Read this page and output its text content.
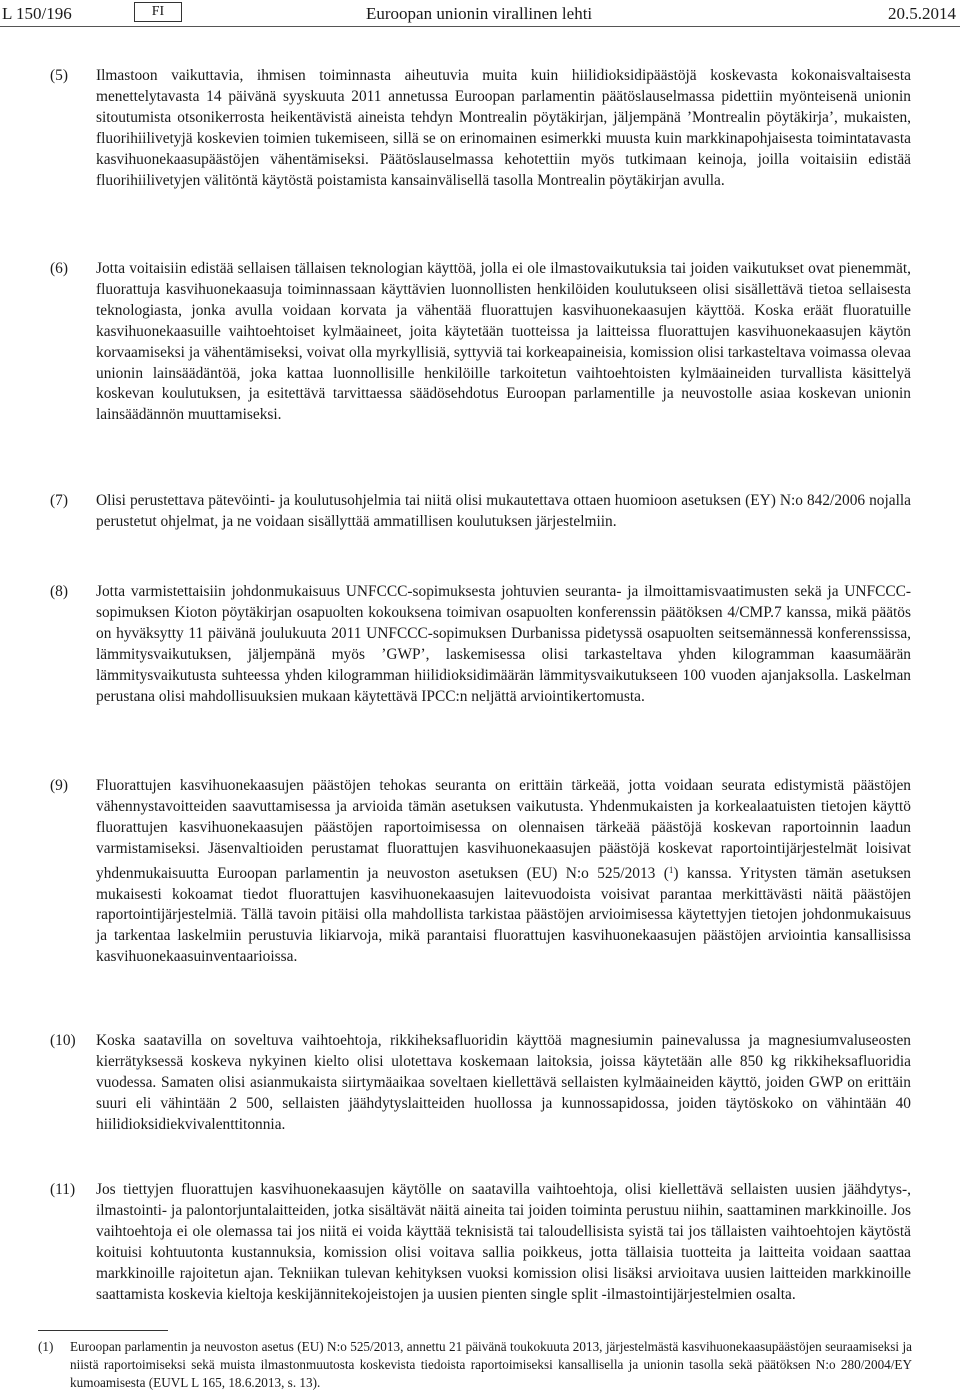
L 150/196	FI	Euroopan unionin virallinen lehti	20.5.2014
(5) Ilmastoon vaikuttavia, ihmisen toiminnasta aiheutuvia muita kuin hiilidioksidipäästöjä koskevasta kokonaisvaltaisesta menettelytavasta 14 päivänä syyskuuta 2011 annetussa Euroopan parlamentin päätöslauselmassa pidettiin myönteisenä unionin sitoutumista otsonikerrosta heikentävistä aineista tehdyn Montrealin pöytäkirjan, jäljempänä ’Montrealin pöytäkirja’, mukaisten, fluorihiilivetyjä koskevien toimien tukemiseen, sillä se on erinomainen esimerkki muusta kuin markkinapohjaisesta toimintatavasta kasvihuonekaasupäästöjen vähentämiseksi. Päätöslauselmassa kehotettiin myös tutkimaan keinoja, joilla voitaisiin edistää fluorihiilivetyjen välitöntä käytöstä poistamista kansainvälisellä tasolla Montrealin pöytäkirjan avulla.
(6) Jotta voitaisiin edistää sellaisen tällaisen teknologian käyttöä, jolla ei ole ilmastovaikutuksia tai joiden vaikutukset ovat pienemmät, fluorattuja kasvihuonekaasuja toiminnassaan käyttävien luonnollisten henkilöiden koulutukseen olisi sisällettävä tietoa sellaisesta teknologiasta, jonka avulla voidaan korvata ja vähentää fluorattujen kasvihuonekaasujen käyttöä. Koska eräät fluoratuille kasvihuonekaasuille vaihtoehtoiset kylmäaineet, joita käytetään tuotteissa ja laitteissa fluorattujen kasvihuonekaasujen käytön korvaamiseksi ja vähentämiseksi, voivat olla myrkyllisiä, syttyviä tai korkeapaineisia, komission olisi tarkasteltava voimassa olevaa unionin lainsäädäntöä, joka kattaa luonnollisille henkilöille tarkoitetun vaihtoehtoisten kylmäaineiden turvallista käsittelyä koskevan koulutuksen, ja esitettävä tarvittaessa säädösehdotus Euroopan parlamentille ja neuvostolle asiaa koskevan unionin lainsäädännön muuttamiseksi.
(7) Olisi perustettava pätevöinti- ja koulutusohjelmia tai niitä olisi mukautettava ottaen huomioon asetuksen (EY) N:o 842/2006 nojalla perustetut ohjelmat, ja ne voidaan sisällyttää ammatillisen koulutuksen järjestelmiin.
(8) Jotta varmistettaisiin johdonmukaisuus UNFCCC-sopimuksesta johtuvien seuranta- ja ilmoittamisvaatimusten sekä ja UNFCCC-sopimuksen Kioton pöytäkirjan osapuolten kokouksena toimivan osapuolten konferenssin päätöksen 4/CMP.7 kanssa, mikä päätös on hyväksytty 11 päivänä joulukuuta 2011 UNFCCC-sopimuksen Durbanissa pidetyssä osapuolten seitsemännessä konferenssissa, lämmitysvaikutuksen, jäljempänä myös ’GWP’, laskemisessa olisi tarkasteltava yhden kilogramman kaasumäärän lämmitysvaikutusta suhteessa yhden kilogramman hiilidioksidimäärän lämmitysvaikutukseen 100 vuoden ajanjaksolla. Laskelman perustana olisi mahdollisuuksien mukaan käytettävä IPCC:n neljättä arviointikertomusta.
(9) Fluorattujen kasvihuonekaasujen päästöjen tehokas seuranta on erittäin tärkeää, jotta voidaan seurata edistymistä päästöjen vähennystavoitteiden saavuttamisessa ja arvioida tämän asetuksen vaikutusta. Yhdenmukaisten ja korkealaatuisten tietojen käyttö fluorattujen kasvihuonekaasujen päästöjen raportoimisessa on olennaisen tärkeää päästöjä koskevan raportoinnin laadun varmistamiseksi. Jäsenvaltioiden perustamat fluorattujen kasvihuonekaasujen päästöjä koskevat raportointijärjestelmät loisivat yhdenmukaisuutta Euroopan parlamentin ja neuvoston asetuksen (EU) N:o 525/2013 ($^1$) kanssa. Yritysten tämän asetuksen mukaisesti kokoamat tiedot fluorattujen kasvihuonekaasujen laitevuodoista voisivat parantaa merkittävästi näitä päästöjen raportointijärjestelmiä. Tällä tavoin pitäisi olla mahdollista tarkistaa päästöjen arvioimisessa käytettyjen tietojen johdonmukaisuus ja tarkentaa laskelmiin perustuvia likiarvoja, mikä parantaisi fluorattujen kasvihuonekaasujen päästöjen arviointia kansallisissa kasvihuonekaasuinventaarioissa.
(10) Koska saatavilla on soveltuva vaihtoehtoja, rikkiheksafluoridin käyttöä magnesiumin painevalussa ja magnesiumvaluseosten kierrätyksessä koskeva nykyinen kielto olisi ulotettava koskemaan laitoksia, joissa käytetään alle 850 kg rikkiheksafluoridia vuodessa. Samaten olisi asianmukaista siirtymäaikaa soveltaen kiellettävä sellaisten kylmäaineiden käyttö, joiden GWP on erittäin suuri eli vähintään 2 500, sellaisten jäähdytyslaitteiden huollossa ja kunnossapidossa, joiden täytöskoko on vähintään 40 hiilidioksidiekvivalenttitonnia.
(11) Jos tiettyjen fluorattujen kasvihuonekaasujen käytölle on saatavilla vaihtoehtoja, olisi kiellettävä sellaisten uusien jäähdytys-, ilmastointi- ja palontorjuntalaitteiden, jotka sisältävät näitä aineita tai joiden toiminta perustuu niihin, saattaminen markkinoille. Jos vaihtoehtoja ei ole olemassa tai jos niitä ei voida käyttää teknisistä tai taloudellisista syistä tai jos tällaisten vaihtoehtojen käytöstä koituisi kohtuutonta kustannuksia, komission olisi voitava sallia poikkeus, jotta tällaisia tuotteita ja laitteita voidaan saattaa markkinoille rajoitetun ajan. Tekniikan tulevan kehityksen vuoksi komission olisi lisäksi arvioitava uusien laitteiden markkinoille saattamista koskevia kieltoja keskijännitekojeistojen ja uusien pienten single split -ilmastointijärjestelmien osalta.
(1) Euroopan parlamentin ja neuvoston asetus (EU) N:o 525/2013, annettu 21 päivänä toukokuuta 2013, järjestelmästä kasvihuonekaasupäästöjen seuraamiseksi ja niistä raportoimiseksi sekä muista ilmastonmuutosta koskevista tiedoista raportoimiseksi kansallisella ja unionin tasolla sekä päätöksen N:o 280/2004/EY kumoamisesta (EUVL L 165, 18.6.2013, s. 13).
